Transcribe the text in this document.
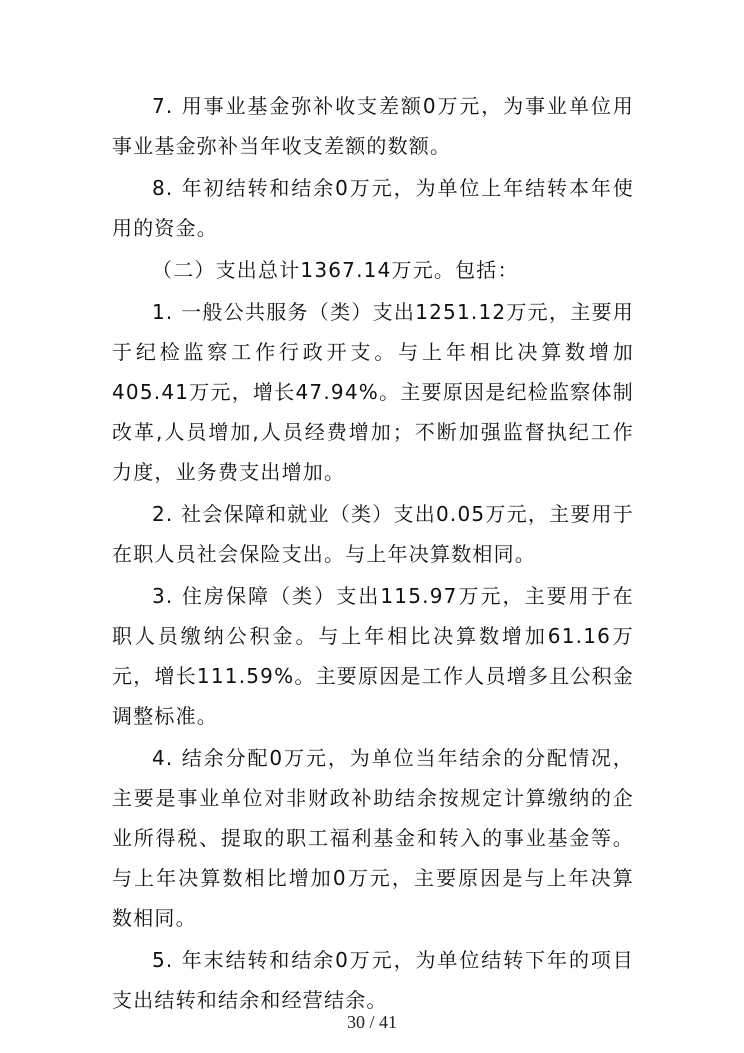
7. 用事业基金弥补收支差额0万元，为事业单位用事业基金弥补当年收支差额的数额。

8. 年初结转和结余0万元，为单位上年结转本年使用的资金。

（二）支出总计1367.14万元。包括：

1. 一般公共服务（类）支出1251.12万元，主要用于纪检监察工作行政开支。与上年相比决算数增加405.41万元，增长47.94%。主要原因是纪检监察体制改革,人员增加,人员经费增加；不断加强监督执纪工作力度，业务费支出增加。

2. 社会保障和就业（类）支出0.05万元，主要用于在职人员社会保险支出。与上年决算数相同。

3. 住房保障（类）支出115.97万元，主要用于在职人员缴纳公积金。与上年相比决算数增加61.16万元，增长111.59%。主要原因是工作人员增多且公积金调整标准。

4. 结余分配0万元，为单位当年结余的分配情况，主要是事业单位对非财政补助结余按规定计算缴纳的企业所得税、提取的职工福利基金和转入的事业基金等。与上年决算数相比增加0万元，主要原因是与上年决算数相同。

5. 年末结转和结余0万元，为单位结转下年的项目支出结转和结余和经营结余。

30 / 41
